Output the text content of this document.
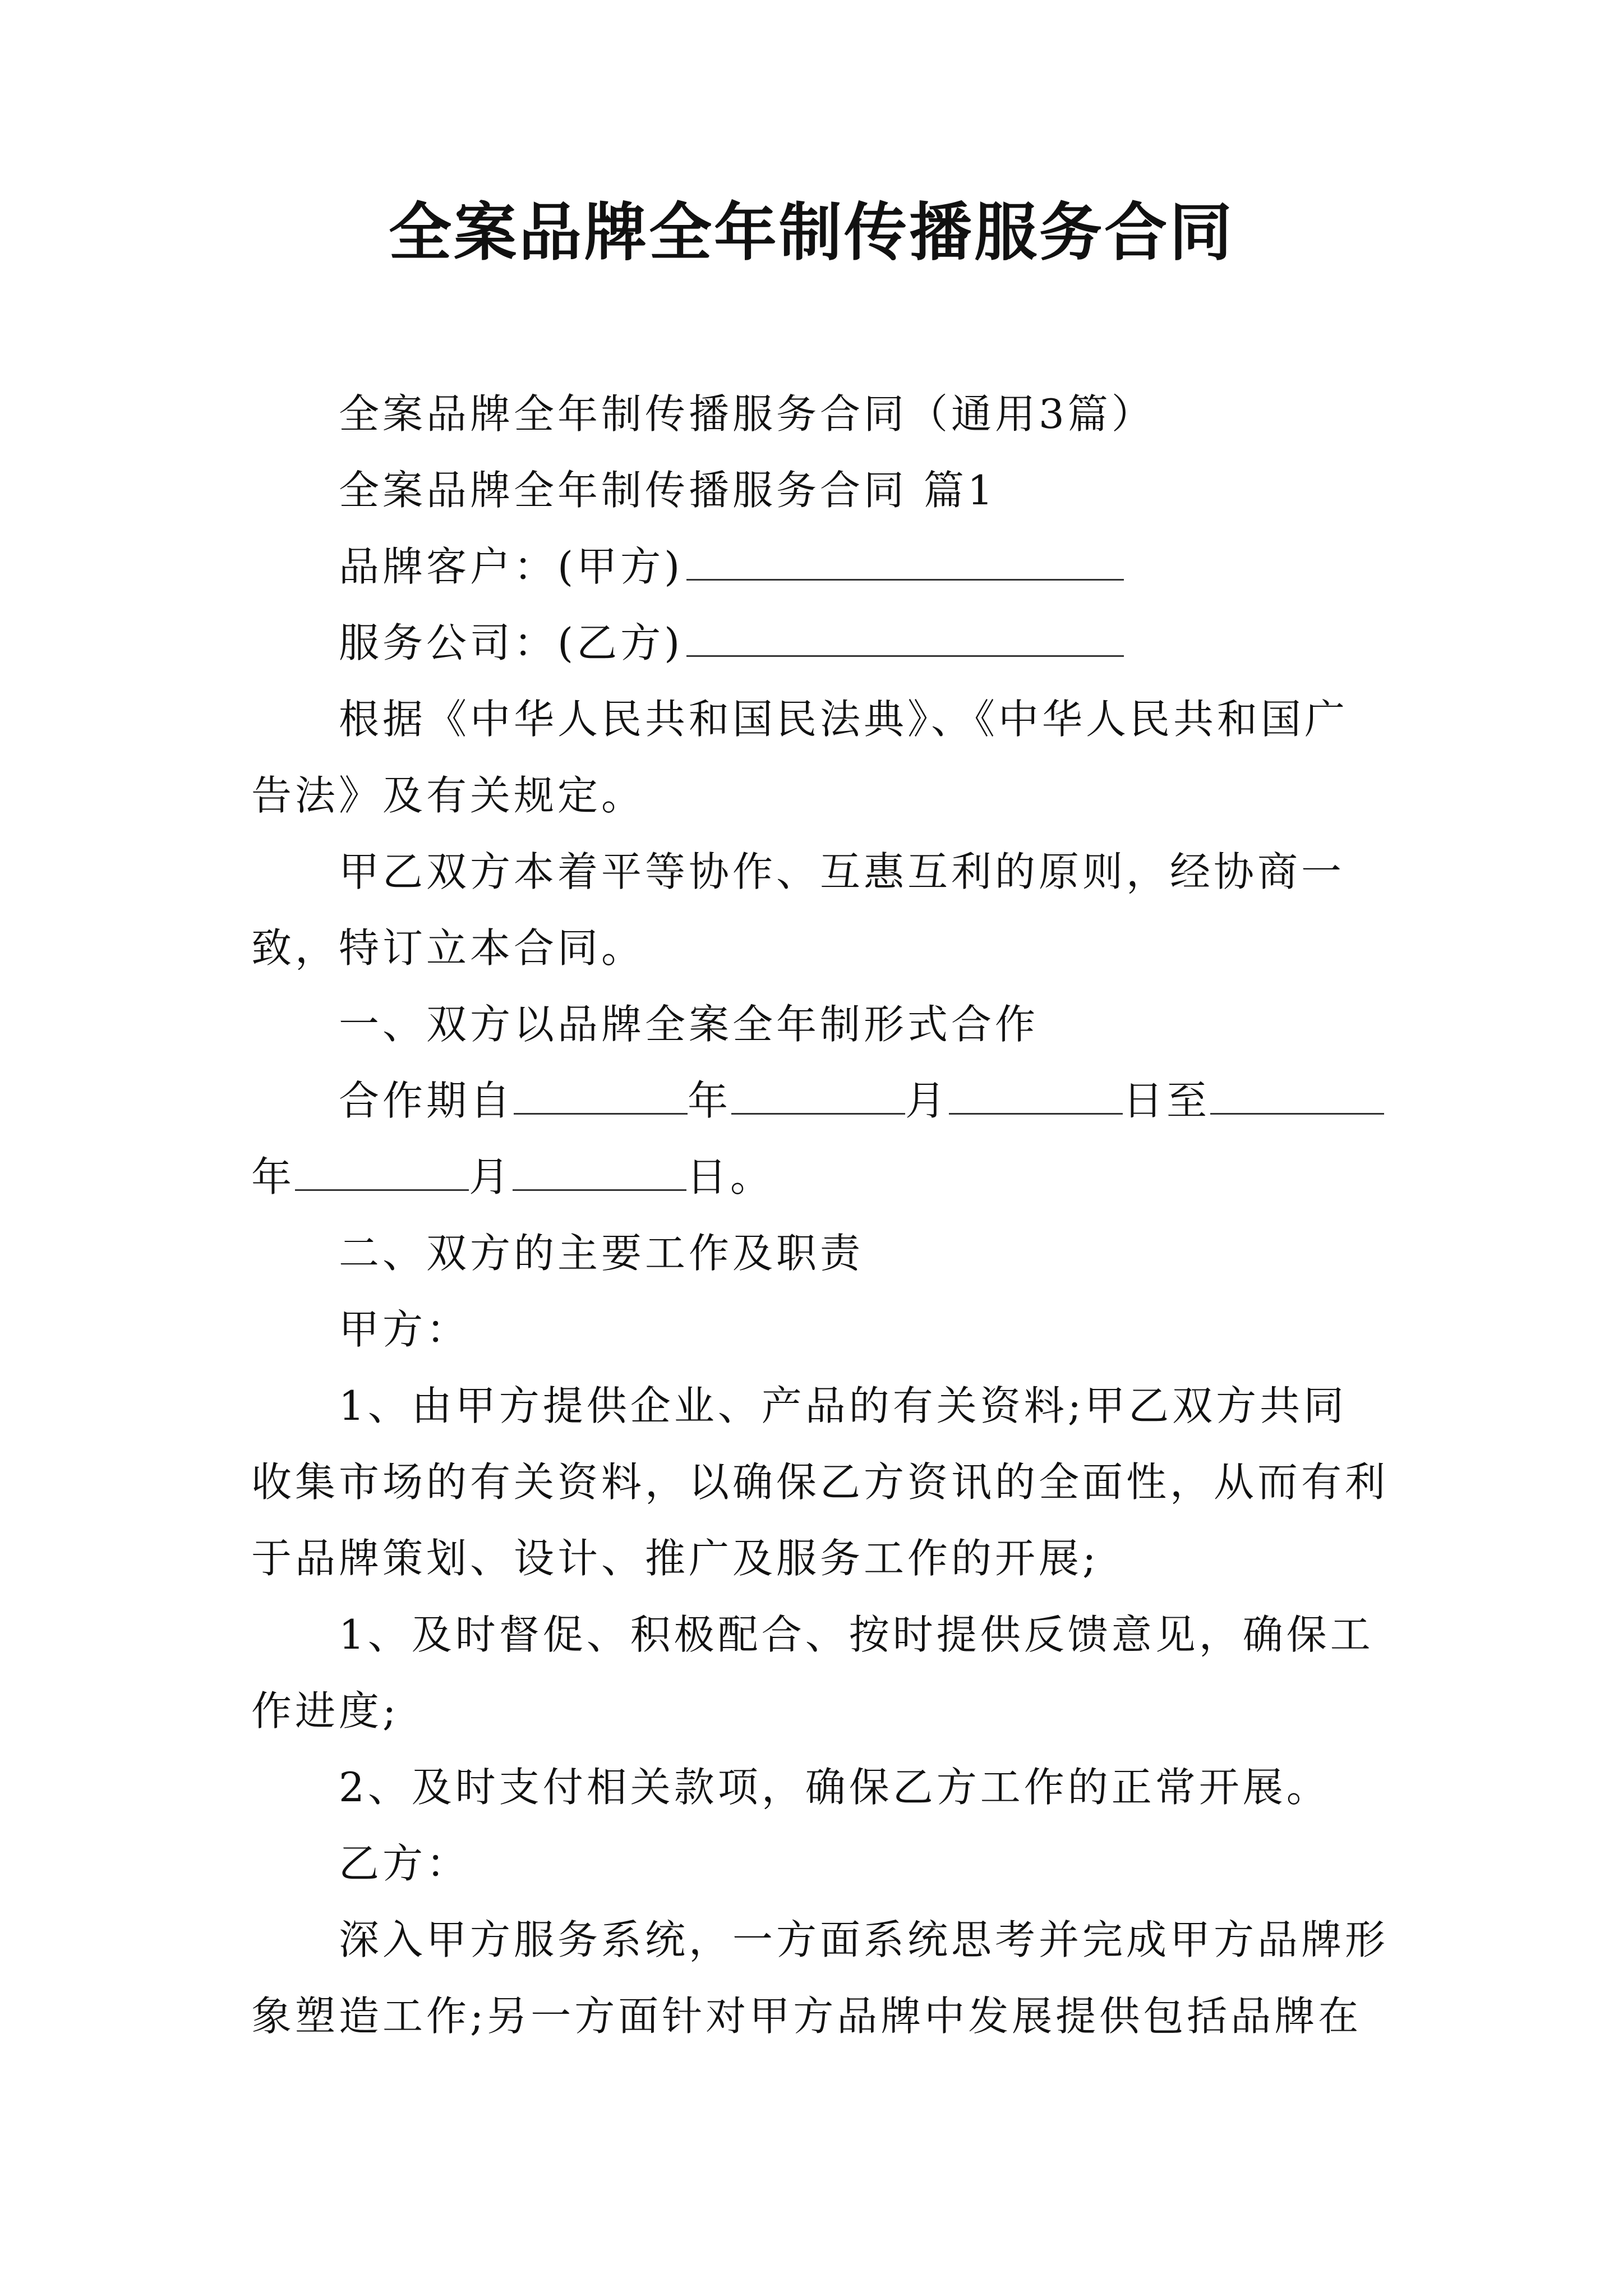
全案品牌全年制传播服务合同

全案品牌全年制传播服务合同（通用3篇）

全案品牌全年制传播服务合同 篇1

品牌客户：(甲方)

服务公司：(乙方)

根据《中华人民共和国民法典》、《中华人民共和国广告法》及有关规定。

甲乙双方本着平等协作、互惠互利的原则，经协商一致，特订立本合同。

一、双方以品牌全案全年制形式合作

合作期自	年	月	日至年	月	日。

二、双方的主要工作及职责

甲方：

1、由甲方提供企业、产品的有关资料;甲乙双方共同收集市场的有关资料，以确保乙方资讯的全面性，从而有利于品牌策划、设计、推广及服务工作的开展;

1、及时督促、积极配合、按时提供反馈意见，确保工作进度;

2、及时支付相关款项，确保乙方工作的正常开展。

乙方：

深入甲方服务系统，一方面系统思考并完成甲方品牌形象塑造工作;另一方面针对甲方品牌中发展提供包括品牌在
